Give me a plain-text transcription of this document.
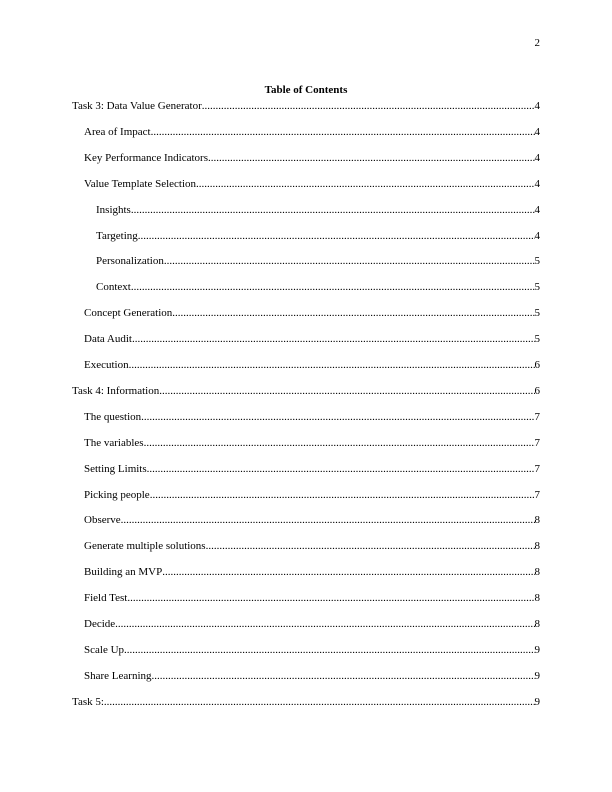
2
Table of Contents
Task 3: Data Value Generator .....	4
Area of Impact .....	4
Key Performance Indicators .....	4
Value Template Selection .....	4
Insights .....	4
Targeting .....	4
Personalization .....	5
Context .....	5
Concept Generation .....	5
Data Audit .....	5
Execution .....	6
Task 4: Information .....	6
The question .....	7
The variables .....	7
Setting Limits .....	7
Picking people .....	7
Observe .....	8
Generate multiple solutions .....	8
Building an MVP .....	8
Field Test .....	8
Decide .....	8
Scale Up .....	9
Share Learning .....	9
Task 5: .....	9
